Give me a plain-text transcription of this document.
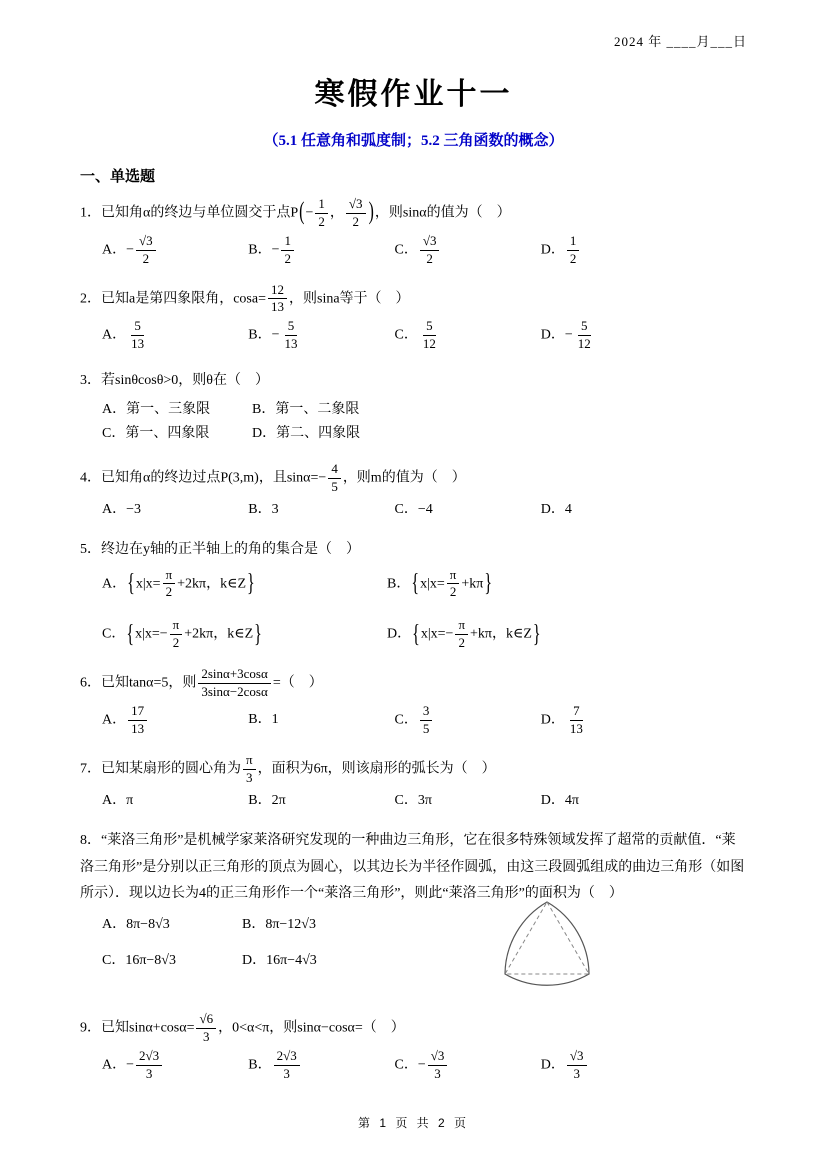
2024 年 ____月___日
寒假作业十一
（5.1 任意角和弧度制；5.2 三角函数的概念）
一、单选题
1．已知角α的终边与单位圆交于点$P(- \frac{1}{2}$ ， $\frac{√3}{2}$ )，则sinα的值为（　）
A．− $\frac{√3}{2}$	B．− $\frac{1}{2}$	C． $\frac{√3}{2}$	D． $\frac{1}{2}$
2．已知a是第四象限角，$\cos a= \frac{12}{13}$ ，则sina等于（　）
A． $\frac{5}{13}$	B．− $\frac{5}{13}$	C． $\frac{5}{12}$	D．− $\frac{5}{12}$
3．若sinθcosθ>0，则θ在（　）
A．第一、三象限	B．第一、二象限
C．第一、四象限	D．第二、四象限
4．已知角α的终边过点P(3,m)，且$\sin\alpha=- \frac{4}{5}$ ，则m的值为（　）
A．−3	B．3	C．−4	D．4
5．终边在y轴的正半轴上的角的集合是（　）
A．{$x|x= \frac{\pi}{2} +2k\pi$，k∈Z}	B．$\{x|x= \frac{\pi}{2} +k\pi\}$
C．{$x|x=- \frac{\pi}{2} +2k\pi$，k∈Z}	D．{$x|x=- \frac{\pi}{2} +k\pi$，k∈Z}
6．已知tanα=5，则 $\frac{2\sin\alpha+3\cos\alpha}{3\sin\alpha-2\cos\alpha}$ =（　）
A． $\frac{17}{13}$	B．1	C． $\frac{3}{5}$	D． $\frac{7}{13}$
7．已知某扇形的圆心角为 $\frac{\pi}{3}$ ，面积为6π，则该扇形的弧长为（　）
A．π	B．2π	C．3π	D．4π
8．“莱洛三角形”是机械学家莱洛研究发现的一种曲边三角形，它在很多特殊领域发挥了超常的贡献值．“莱洛三角形”是分别以正三角形的顶点为圆心，以其边长为半径作圆弧，由这三段圆弧组成的曲边三角形（如图所示）．现以边长为4的正三角形作一个“莱洛三角形”，则此“莱洛三角形”的面积为（　）
A．8π−8√3	B．8π−12√3
C．16π−8√3	D．16π−4√3
9．已知$\sin\alpha+\cos\alpha= \frac{√6}{3}$ ，0<α<π，则sinα−cosα=（　）
A．− $\frac{2√3}{3}$	B． $\frac{2√3}{3}$	C．− $\frac{√3}{3}$	D． $\frac{√3}{3}$
第 1 页 共 2 页
